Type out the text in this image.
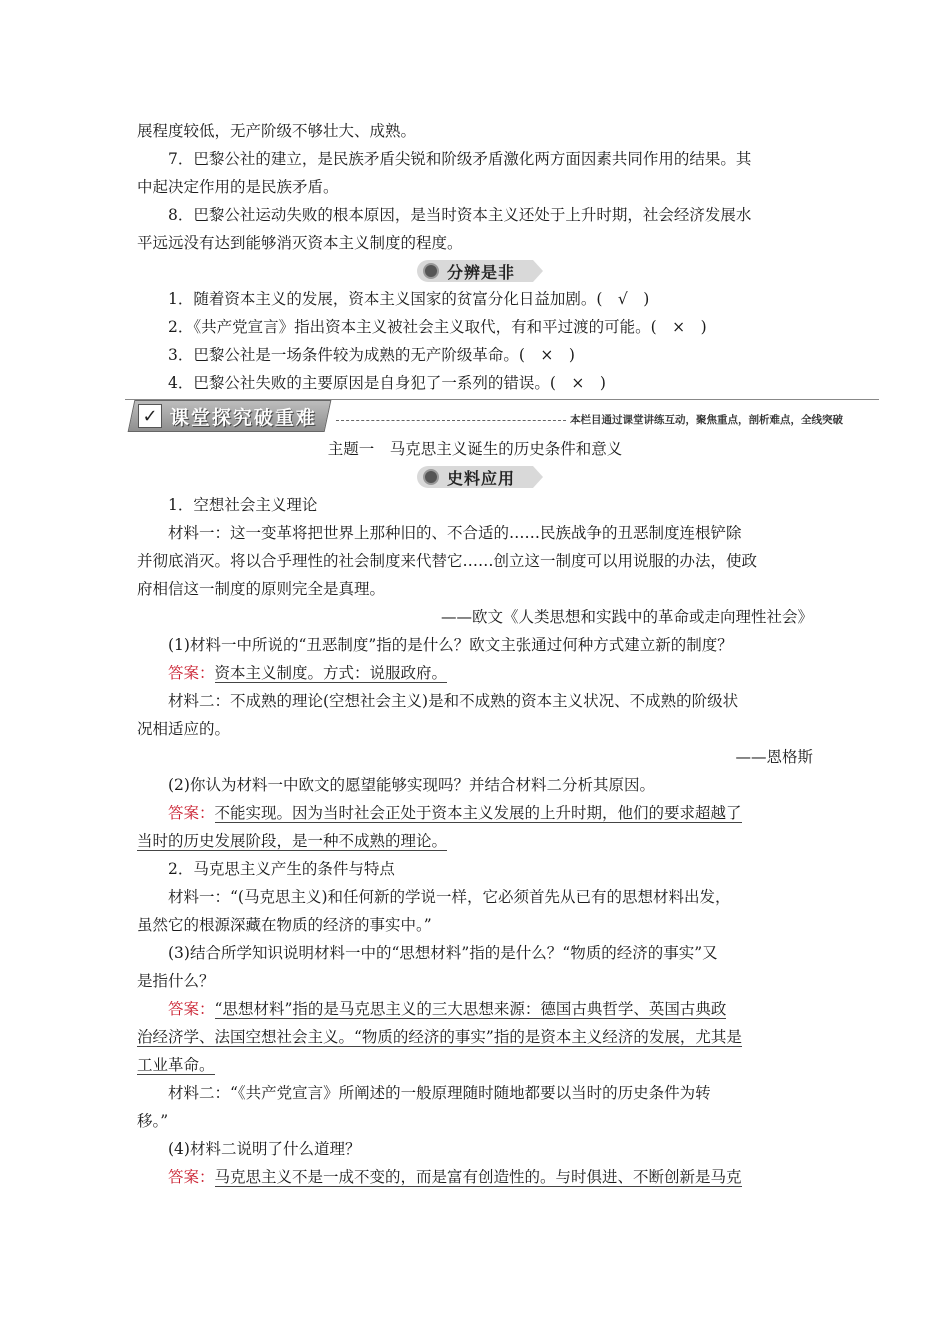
展程度较低，无产阶级不够壮大、成熟。

7．巴黎公社的建立，是民族矛盾尖锐和阶级矛盾激化两方面因素共同作用的结果。其

中起决定作用的是民族矛盾。

8．巴黎公社运动失败的根本原因，是当时资本主义还处于上升时期，社会经济发展水

平远远没有达到能够消灭资本主义制度的程度。

分辨是非

1．随着资本主义的发展，资本主义国家的贫富分化日益加剧。(　√　)

2．《共产党宣言》指出资本主义被社会主义取代，有和平过渡的可能。(　×　)

3．巴黎公社是一场条件较为成熟的无产阶级革命。(　×　)

4．巴黎公社失败的主要原因是自身犯了一系列的错误。(　×　)

✓ 课堂探究破重难	本栏目通过课堂讲练互动，聚焦重点，剖析难点，全线突破

主题一　马克思主义诞生的历史条件和意义

史料应用

1．空想社会主义理论

材料一：这一变革将把世界上那种旧的、不合适的……民族战争的丑恶制度连根铲除

并彻底消灭。将以合乎理性的社会制度来代替它……创立这一制度可以用说服的办法，使政

府相信这一制度的原则完全是真理。

——欧文《人类思想和实践中的革命或走向理性社会》

(1)材料一中所说的“丑恶制度”指的是什么？欧文主张通过何种方式建立新的制度？

答案：资本主义制度。方式：说服政府。

材料二：不成熟的理论(空想社会主义)是和不成熟的资本主义状况、不成熟的阶级状

况相适应的。

——恩格斯

(2)你认为材料一中欧文的愿望能够实现吗？并结合材料二分析其原因。

答案：不能实现。因为当时社会正处于资本主义发展的上升时期，他们的要求超越了

当时的历史发展阶段，是一种不成熟的理论。

2．马克思主义产生的条件与特点

材料一：“(马克思主义)和任何新的学说一样，它必须首先从已有的思想材料出发，

虽然它的根源深藏在物质的经济的事实中。”

(3)结合所学知识说明材料一中的“思想材料”指的是什么？“物质的经济的事实”又

是指什么？

答案：“思想材料”指的是马克思主义的三大思想来源：德国古典哲学、英国古典政

治经济学、法国空想社会主义。“物质的经济的事实”指的是资本主义经济的发展，尤其是

工业革命。

材料二：“《共产党宣言》所阐述的一般原理随时随地都要以当时的历史条件为转

移。”

(4)材料二说明了什么道理？

答案：马克思主义不是一成不变的，而是富有创造性的。与时俱进、不断创新是马克
